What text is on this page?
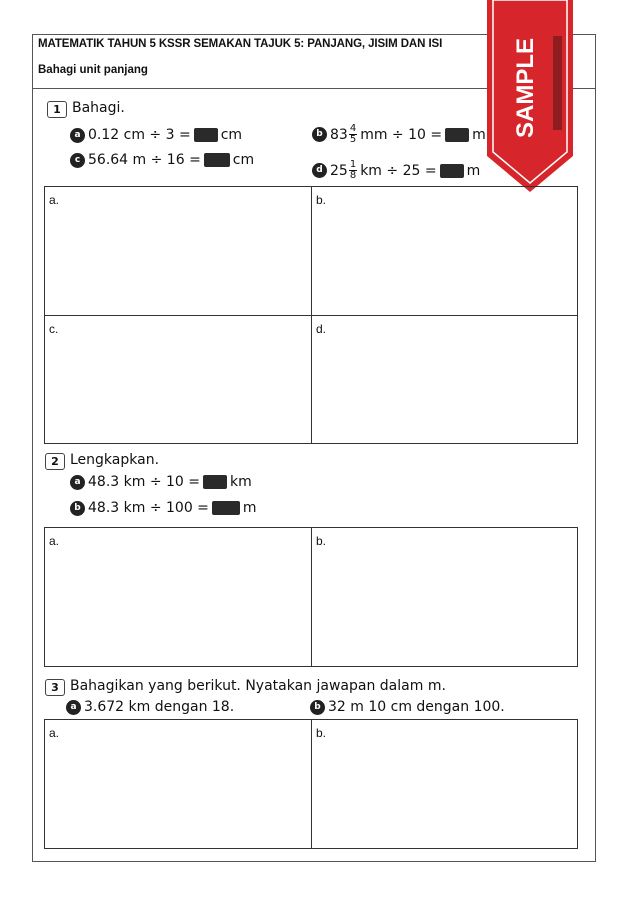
MATEMATIK TAHUN 5 KSSR SEMAKAN TAJUK 5: PANJANG, JISIM DAN ISI
Bahagi unit panjang	SAMPLE
1 Bahagi.
a 0.12 cm ÷ 3 = cm	b $83 \frac{4}{5}$ mm ÷ 10 = m
c 56.64 m ÷ 16 = cm
d $25 \frac{1}{8}$ km ÷ 25 = m
a.	b.
c.	d.
2 Lengkapkan.
a 48.3 km ÷ 10 = km
b 48.3 km ÷ 100 = m
a.	b.
3 Bahagikan yang berikut. Nyatakan jawapan dalam m.
a 3.672 km dengan 18.	b 32 m 10 cm dengan 100.
a.	b.
